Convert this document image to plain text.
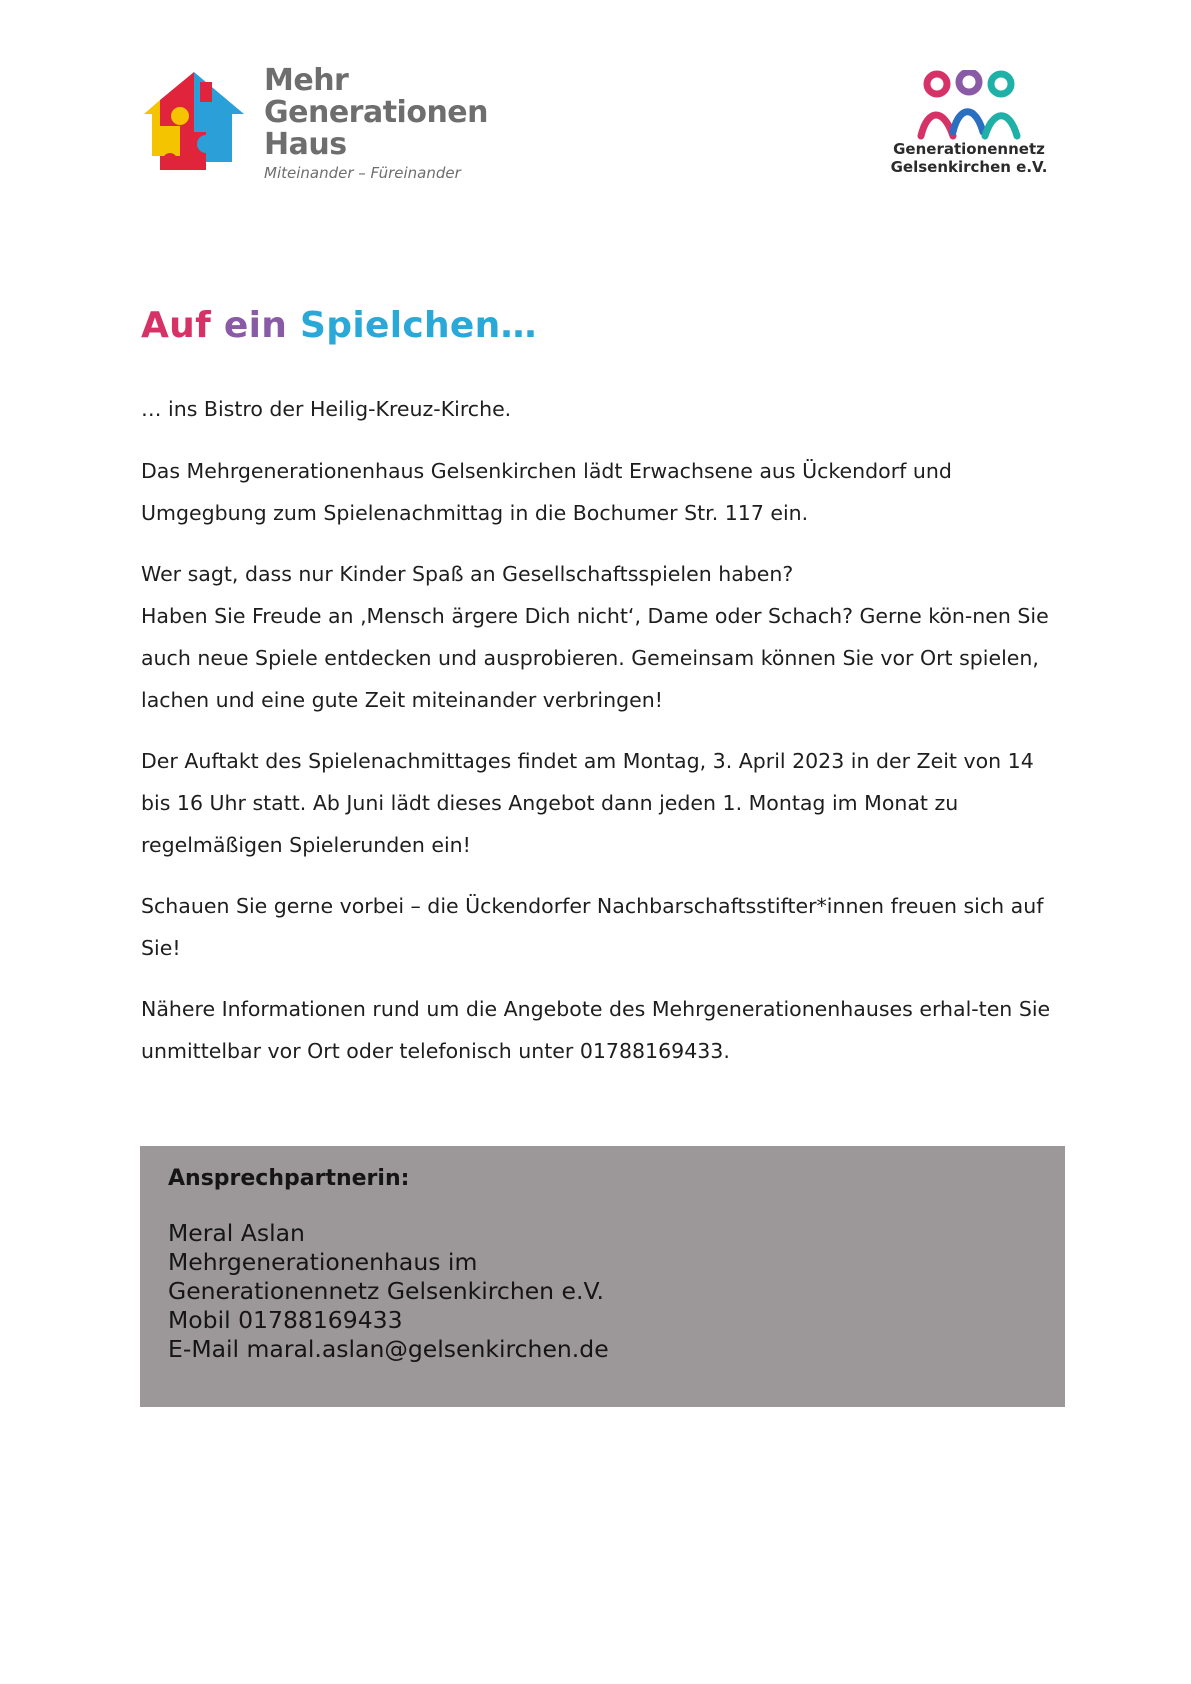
Mehr
Generationen
Haus
Miteinander – Füreinander
Generationennetz
Gelsenkirchen e.V.
Auf ein Spielchen…

… ins Bistro der Heilig-Kreuz-Kirche.

Das Mehrgenerationenhaus Gelsenkirchen lädt Erwachsene aus Ückendorf und Umgegbung zum Spielenachmittag in die Bochumer Str. 117 ein.

Wer sagt, dass nur Kinder Spaß an Gesellschaftsspielen haben?
Haben Sie Freude an ‚Mensch ärgere Dich nicht‘, Dame oder Schach? Gerne kön-nen Sie auch neue Spiele entdecken und ausprobieren. Gemeinsam können Sie vor Ort spielen, lachen und eine gute Zeit miteinander verbringen!

Der Auftakt des Spielenachmittages findet am Montag, 3. April 2023 in der Zeit von 14 bis 16 Uhr statt. Ab Juni lädt dieses Angebot dann jeden 1. Montag im Monat zu regelmäßigen Spielerunden ein!

Schauen Sie gerne vorbei – die Ückendorfer Nachbarschaftsstifter*innen freuen sich auf Sie!

Nähere Informationen rund um die Angebote des Mehrgenerationenhauses erhal-ten Sie unmittelbar vor Ort oder telefonisch unter 01788169433.

Ansprechpartnerin:
Meral Aslan
Mehrgenerationenhaus im
Generationennetz Gelsenkirchen e.V.
Mobil 01788169433
E-Mail maral.aslan@gelsenkirchen.de
